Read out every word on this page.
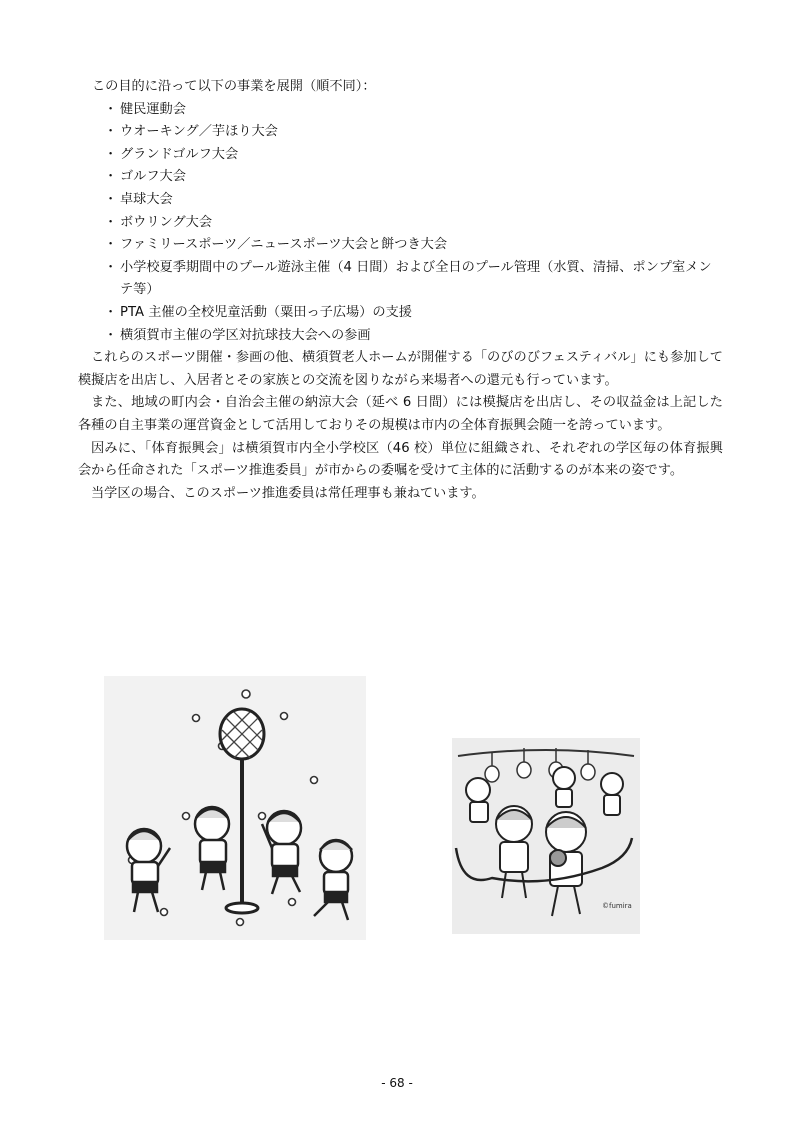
この目的に沿って以下の事業を展開（順不同）：
・ 健民運動会
・ ウオーキング／芋ほり大会
・ グランドゴルフ大会
・ ゴルフ大会
・ 卓球大会
・ ボウリング大会
・ ファミリースポーツ／ニュースポーツ大会と餅つき大会
・ 小学校夏季期間中のプール遊泳主催（4 日間）および全日のプール管理（水質、清掃、ポンプ室メンテ等）
・ PTA 主催の全校児童活動（粟田っ子広場）の支援
・ 横須賀市主催の学区対抗球技大会への参画

これらのスポーツ開催・参画の他、横須賀老人ホームが開催する「のびのびフェスティバル」にも参加して模擬店を出店し、入居者とその家族との交流を図りながら来場者への還元も行っています。

また、地域の町内会・自治会主催の納涼大会（延べ 6 日間）には模擬店を出店し、その収益金は上記した各種の自主事業の運営資金として活用しておりその規模は市内の全体育振興会随一を誇っています。

因みに、「体育振興会」は横須賀市内全小学校区（46 校）単位に組織され、それぞれの学区毎の体育振興会から任命された「スポーツ推進委員」が市からの委嘱を受けて主体的に活動するのが本来の姿です。

当学区の場合、このスポーツ推進委員は常任理事も兼ねています。

©fumira
- 68 -
